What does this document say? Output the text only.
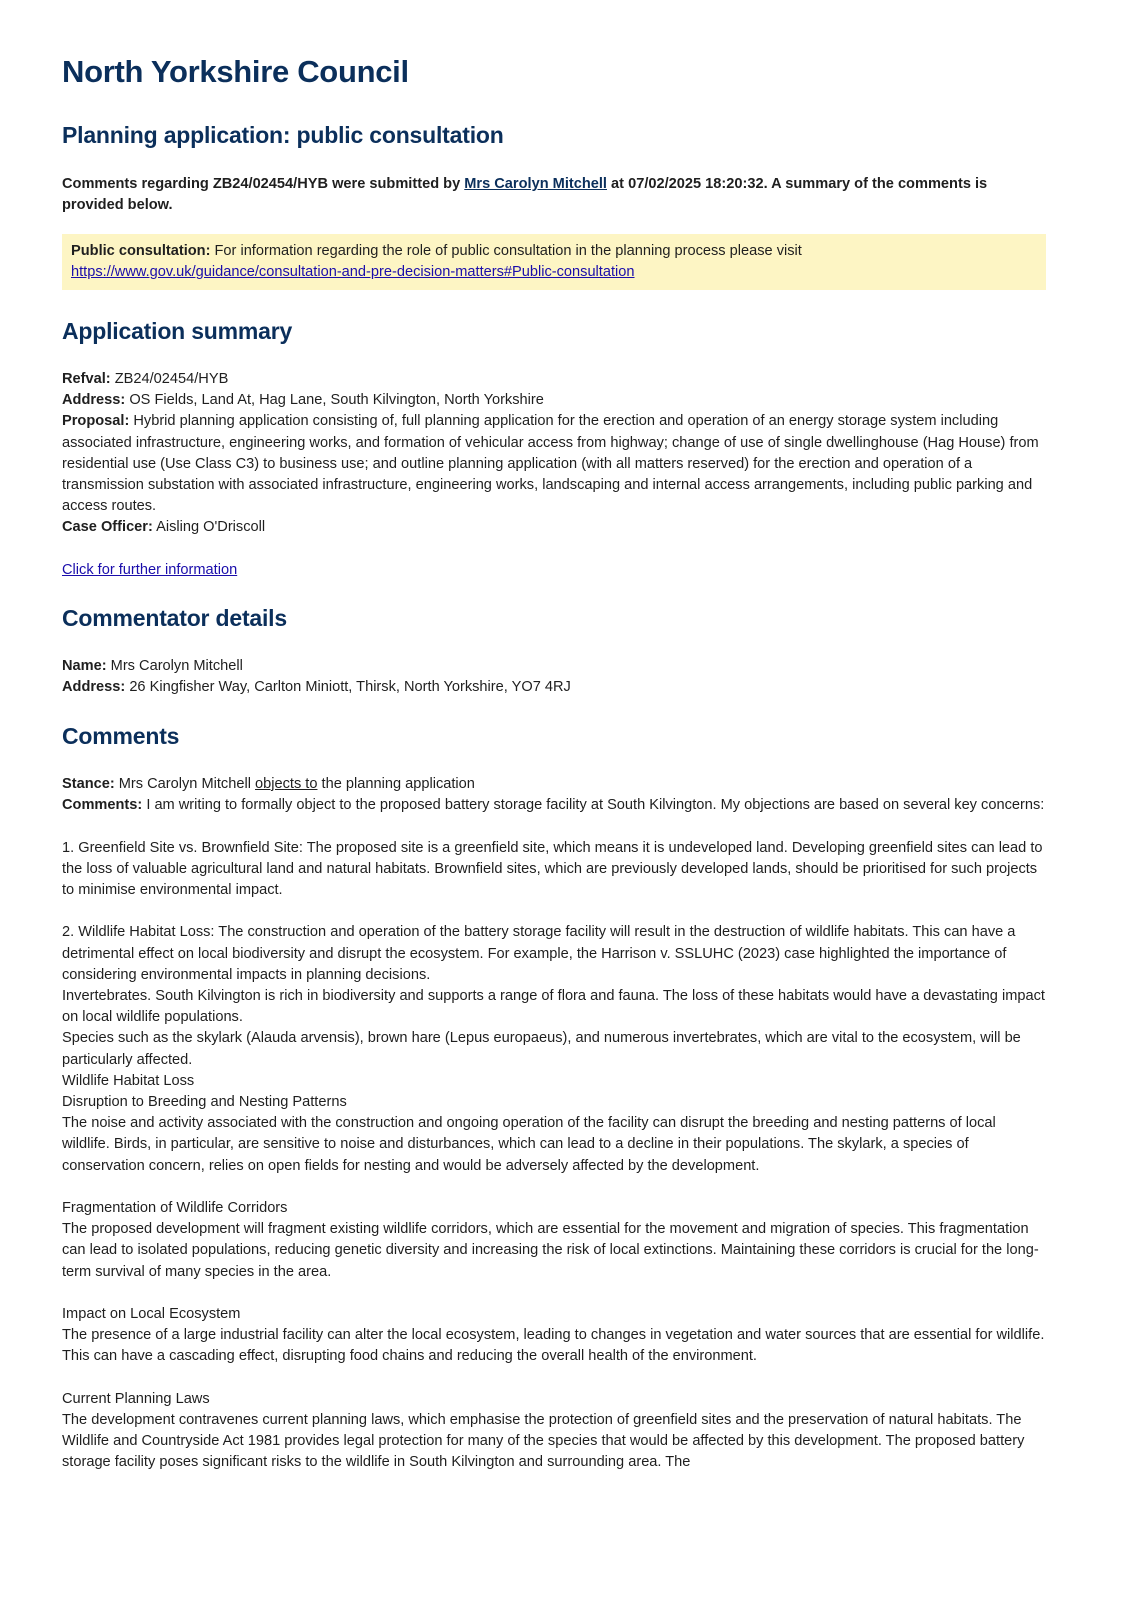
North Yorkshire Council
Planning application: public consultation
Comments regarding ZB24/02454/HYB were submitted by Mrs Carolyn Mitchell at 07/02/2025 18:20:32. A summary of the comments is provided below.
Public consultation: For information regarding the role of public consultation in the planning process please visit
https://www.gov.uk/guidance/consultation-and-pre-decision-matters#Public-consultation
Application summary
Refval: ZB24/02454/HYB
Address: OS Fields, Land At, Hag Lane, South Kilvington, North Yorkshire
Proposal: Hybrid planning application consisting of, full planning application for the erection and operation of an energy storage system including associated infrastructure, engineering works, and formation of vehicular access from highway; change of use of single dwellinghouse (Hag House) from residential use (Use Class C3) to business use; and outline planning application (with all matters reserved) for the erection and operation of a transmission substation with associated infrastructure, engineering works, landscaping and internal access arrangements, including public parking and access routes.
Case Officer: Aisling O'Driscoll
Click for further information
Commentator details
Name: Mrs Carolyn Mitchell
Address: 26 Kingfisher Way, Carlton Miniott, Thirsk, North Yorkshire, YO7 4RJ
Comments
Stance: Mrs Carolyn Mitchell objects to the planning application
Comments: I am writing to formally object to the proposed battery storage facility at South Kilvington. My objections are based on several key concerns:
1. Greenfield Site vs. Brownfield Site: The proposed site is a greenfield site, which means it is undeveloped land. Developing greenfield sites can lead to the loss of valuable agricultural land and natural habitats. Brownfield sites, which are previously developed lands, should be prioritised for such projects to minimise environmental impact.
2. Wildlife Habitat Loss: The construction and operation of the battery storage facility will result in the destruction of wildlife habitats. This can have a detrimental effect on local biodiversity and disrupt the ecosystem. For example, the Harrison v. SSLUHC (2023) case highlighted the importance of considering environmental impacts in planning decisions.
Invertebrates. South Kilvington is rich in biodiversity and supports a range of flora and fauna. The loss of these habitats would have a devastating impact on local wildlife populations.
Species such as the skylark (Alauda arvensis), brown hare (Lepus europaeus), and numerous invertebrates, which are vital to the ecosystem, will be particularly affected.
Wildlife Habitat Loss
Disruption to Breeding and Nesting Patterns
The noise and activity associated with the construction and ongoing operation of the facility can disrupt the breeding and nesting patterns of local wildlife. Birds, in particular, are sensitive to noise and disturbances, which can lead to a decline in their populations. The skylark, a species of conservation concern, relies on open fields for nesting and would be adversely affected by the development.
Fragmentation of Wildlife Corridors
The proposed development will fragment existing wildlife corridors, which are essential for the movement and migration of species. This fragmentation can lead to isolated populations, reducing genetic diversity and increasing the risk of local extinctions. Maintaining these corridors is crucial for the long-term survival of many species in the area.
Impact on Local Ecosystem
The presence of a large industrial facility can alter the local ecosystem, leading to changes in vegetation and water sources that are essential for wildlife. This can have a cascading effect, disrupting food chains and reducing the overall health of the environment.
Current Planning Laws
The development contravenes current planning laws, which emphasise the protection of greenfield sites and the preservation of natural habitats. The Wildlife and Countryside Act 1981 provides legal protection for many of the species that would be affected by this development. The proposed battery storage facility poses significant risks to the wildlife in South Kilvington and surrounding area. The
